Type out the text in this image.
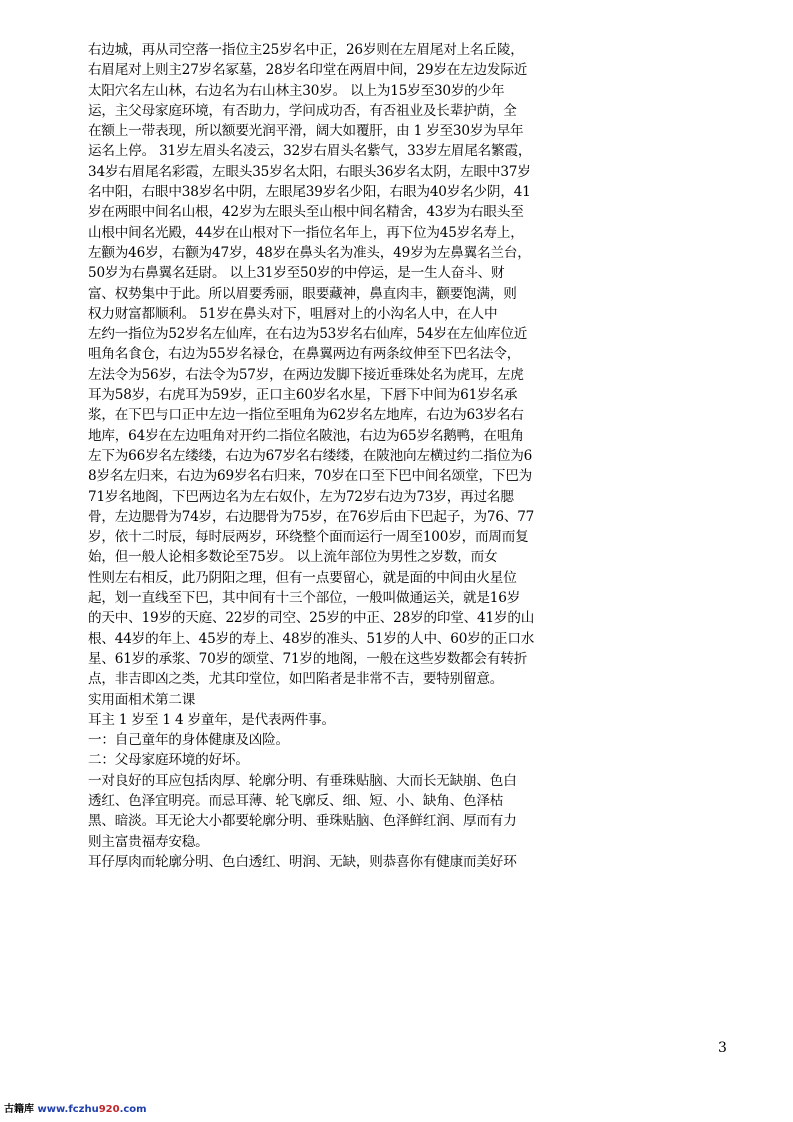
右边城，再从司空落一指位主25岁名中正，26岁则在左眉尾对上名丘陵，
右眉尾对上则主27岁名冢墓，28岁名印堂在两眉中间，29岁在左边发际近
太阳穴名左山林，右边名为右山林主30岁。 以上为15岁至30岁的少年
运，主父母家庭环境，有否助力，学问成功否，有否祖业及长辈护荫，全
在额上一带表现，所以额要光润平滑，阔大如覆肝，由 1 岁至30岁为早年
运名上停。 31岁左眉头名凌云，32岁右眉头名紫气，33岁左眉尾名繁霞，
34岁右眉尾名彩霞，左眼头35岁名太阳，右眼头36岁名太阴，左眼中37岁
名中阳，右眼中38岁名中阴，左眼尾39岁名少阳，右眼为40岁名少阴，41
岁在两眼中间名山根，42岁为左眼头至山根中间名精舍，43岁为右眼头至
山根中间名光殿，44岁在山根对下一指位名年上，再下位为45岁名寿上，
左颧为46岁，右颧为47岁，48岁在鼻头名为准头，49岁为左鼻翼名兰台，
50岁为右鼻翼名廷尉。 以上31岁至50岁的中停运，是一生人奋斗、财
富、权势集中于此。所以眉要秀丽，眼要藏神，鼻直肉丰，颧要饱满，则
权力财富都顺利。 51岁在鼻头对下，咀唇对上的小沟名人中，在人中
左约一指位为52岁名左仙库，在右边为53岁名右仙库，54岁在左仙库位近
咀角名食仓，右边为55岁名禄仓，在鼻翼两边有两条纹伸至下巴名法令，
左法令为56岁，右法令为57岁，在两边发脚下接近垂珠处名为虎耳，左虎
耳为58岁，右虎耳为59岁，正口主60岁名水星，下唇下中间为61岁名承
浆，在下巴与口正中左边一指位至咀角为62岁名左地库，右边为63岁名右
地库，64岁在左边咀角对开约二指位名陂池，右边为65岁名鹅鸭，在咀角
左下为66岁名左缕缕，右边为67岁名右缕缕，在陂池向左横过约二指位为6
8岁名左归来，右边为69岁名右归来，70岁在口至下巴中间名颂堂，下巴为
71岁名地阁，下巴两边名为左右奴仆，左为72岁右边为73岁，再过名腮
骨，左边腮骨为74岁，右边腮骨为75岁，在76岁后由下巴起子，为76、77
岁，依十二时辰，每时辰两岁，环绕整个面而运行一周至100岁，而周而复
始，但一般人论相多数论至75岁。 以上流年部位为男性之岁数，而女
性则左右相反，此乃阴阳之理，但有一点要留心，就是面的中间由火星位
起，划一直线至下巴，其中间有十三个部位，一般叫做通运关，就是16岁
的天中、19岁的天庭、22岁的司空、25岁的中正、28岁的印堂、41岁的山
根、44岁的年上、45岁的寿上、48岁的准头、51岁的人中、60岁的正口水
星、61岁的承浆、70岁的颂堂、71岁的地阁，一般在这些岁数都会有转折
点，非吉即凶之类，尤其印堂位，如凹陷者是非常不吉，要特别留意。
实用面相术第二课
耳主 1 岁至 1 4 岁童年，是代表两件事。
一：自己童年的身体健康及凶险。
二：父母家庭环境的好坏。
一对良好的耳应包括肉厚、轮廓分明、有垂珠贴脑、大而长无缺崩、色白
透红、色泽宜明亮。而忌耳薄、轮飞廓反、细、短、小、缺角、色泽枯
黑、暗淡。耳无论大小都要轮廓分明、垂珠贴脑、色泽鲜红润、厚而有力
则主富贵福寿安稳。
耳仔厚肉而轮廓分明、色白透红、明润、无缺，则恭喜你有健康而美好环
3
古籍库 www.fczhu920.com
